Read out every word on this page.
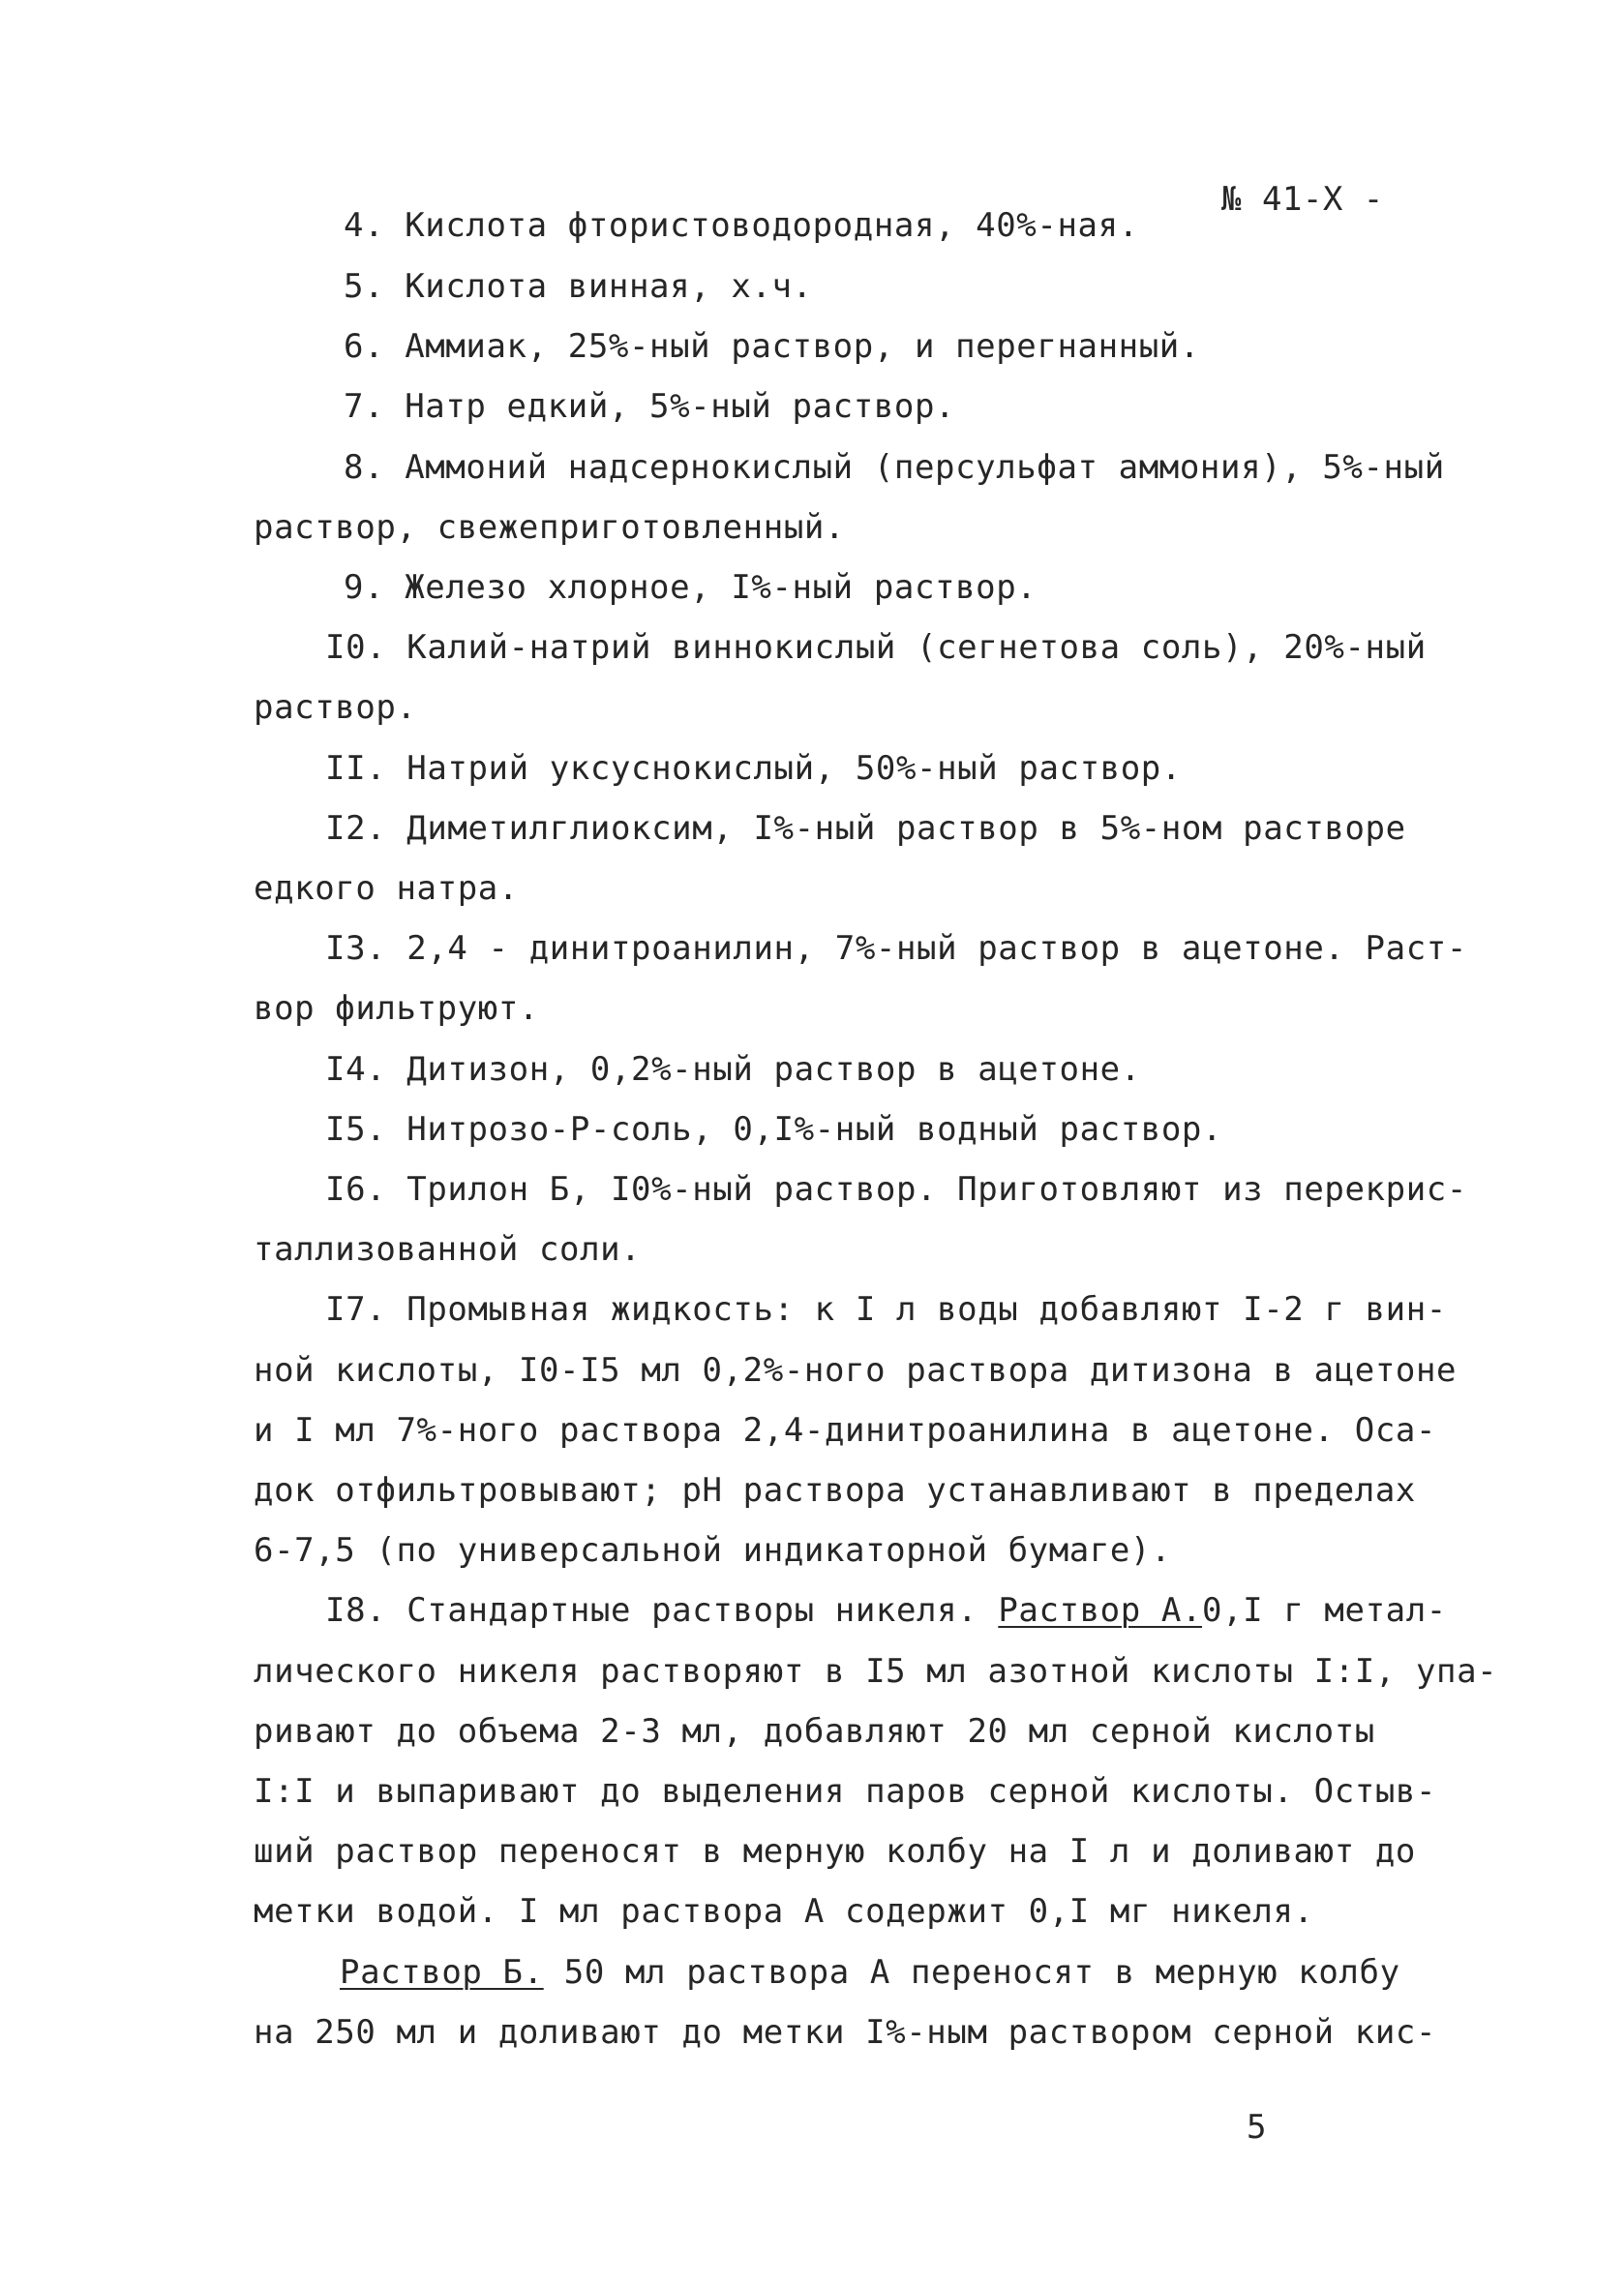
№ 41-Х -
4. Кислота фтористоводородная, 40%-ная.
5. Кислота винная, х.ч.
6. Аммиак, 25%-ный раствор, и перегнанный.
7. Натр едкий, 5%-ный раствор.
8. Аммоний надсернокислый (персульфат аммония), 5%-ный
раствор, свежеприготовленный.
9. Железо хлорное, I%-ный раствор.
I0. Калий-натрий виннокислый (сегнетова соль), 20%-ный
раствор.
II. Натрий уксуснокислый, 50%-ный раствор.
I2. Диметилглиоксим, I%-ный раствор в 5%-ном растворе
едкого натра.
I3. 2,4 - динитроанилин, 7%-ный раствор в ацетоне. Раст-
вор фильтруют.
I4. Дитизон, 0,2%-ный раствор в ацетоне.
I5. Нитрозо-Р-соль, 0,I%-ный водный раствор.
I6. Трилон Б, I0%-ный раствор. Приготовляют из перекрис-
таллизованной соли.
I7. Промывная жидкость: к I л воды добавляют I-2 г вин-
ной кислоты, I0-I5 мл 0,2%-ного раствора дитизона в ацетоне
и I мл 7%-ного раствора 2,4-динитроанилина в ацетоне. Оса-
док отфильтровывают; рН раствора устанавливают в пределах
6-7,5 (по универсальной индикаторной бумаге).
I8. Стандартные растворы никеля. Раствор А.0,I г метал-
лического никеля растворяют в I5 мл азотной кислоты I:I, упа-
ривают до объема 2-3 мл, добавляют 20 мл серной кислоты
I:I и выпаривают до выделения паров серной кислоты. Остыв-
ший раствор переносят в мерную колбу на I л и доливают до
метки водой. I мл раствора А содержит 0,I мг никеля.
Раствор Б. 50 мл раствора А переносят в мерную колбу
на 250 мл и доливают до метки I%-ным раствором серной кис-
5
